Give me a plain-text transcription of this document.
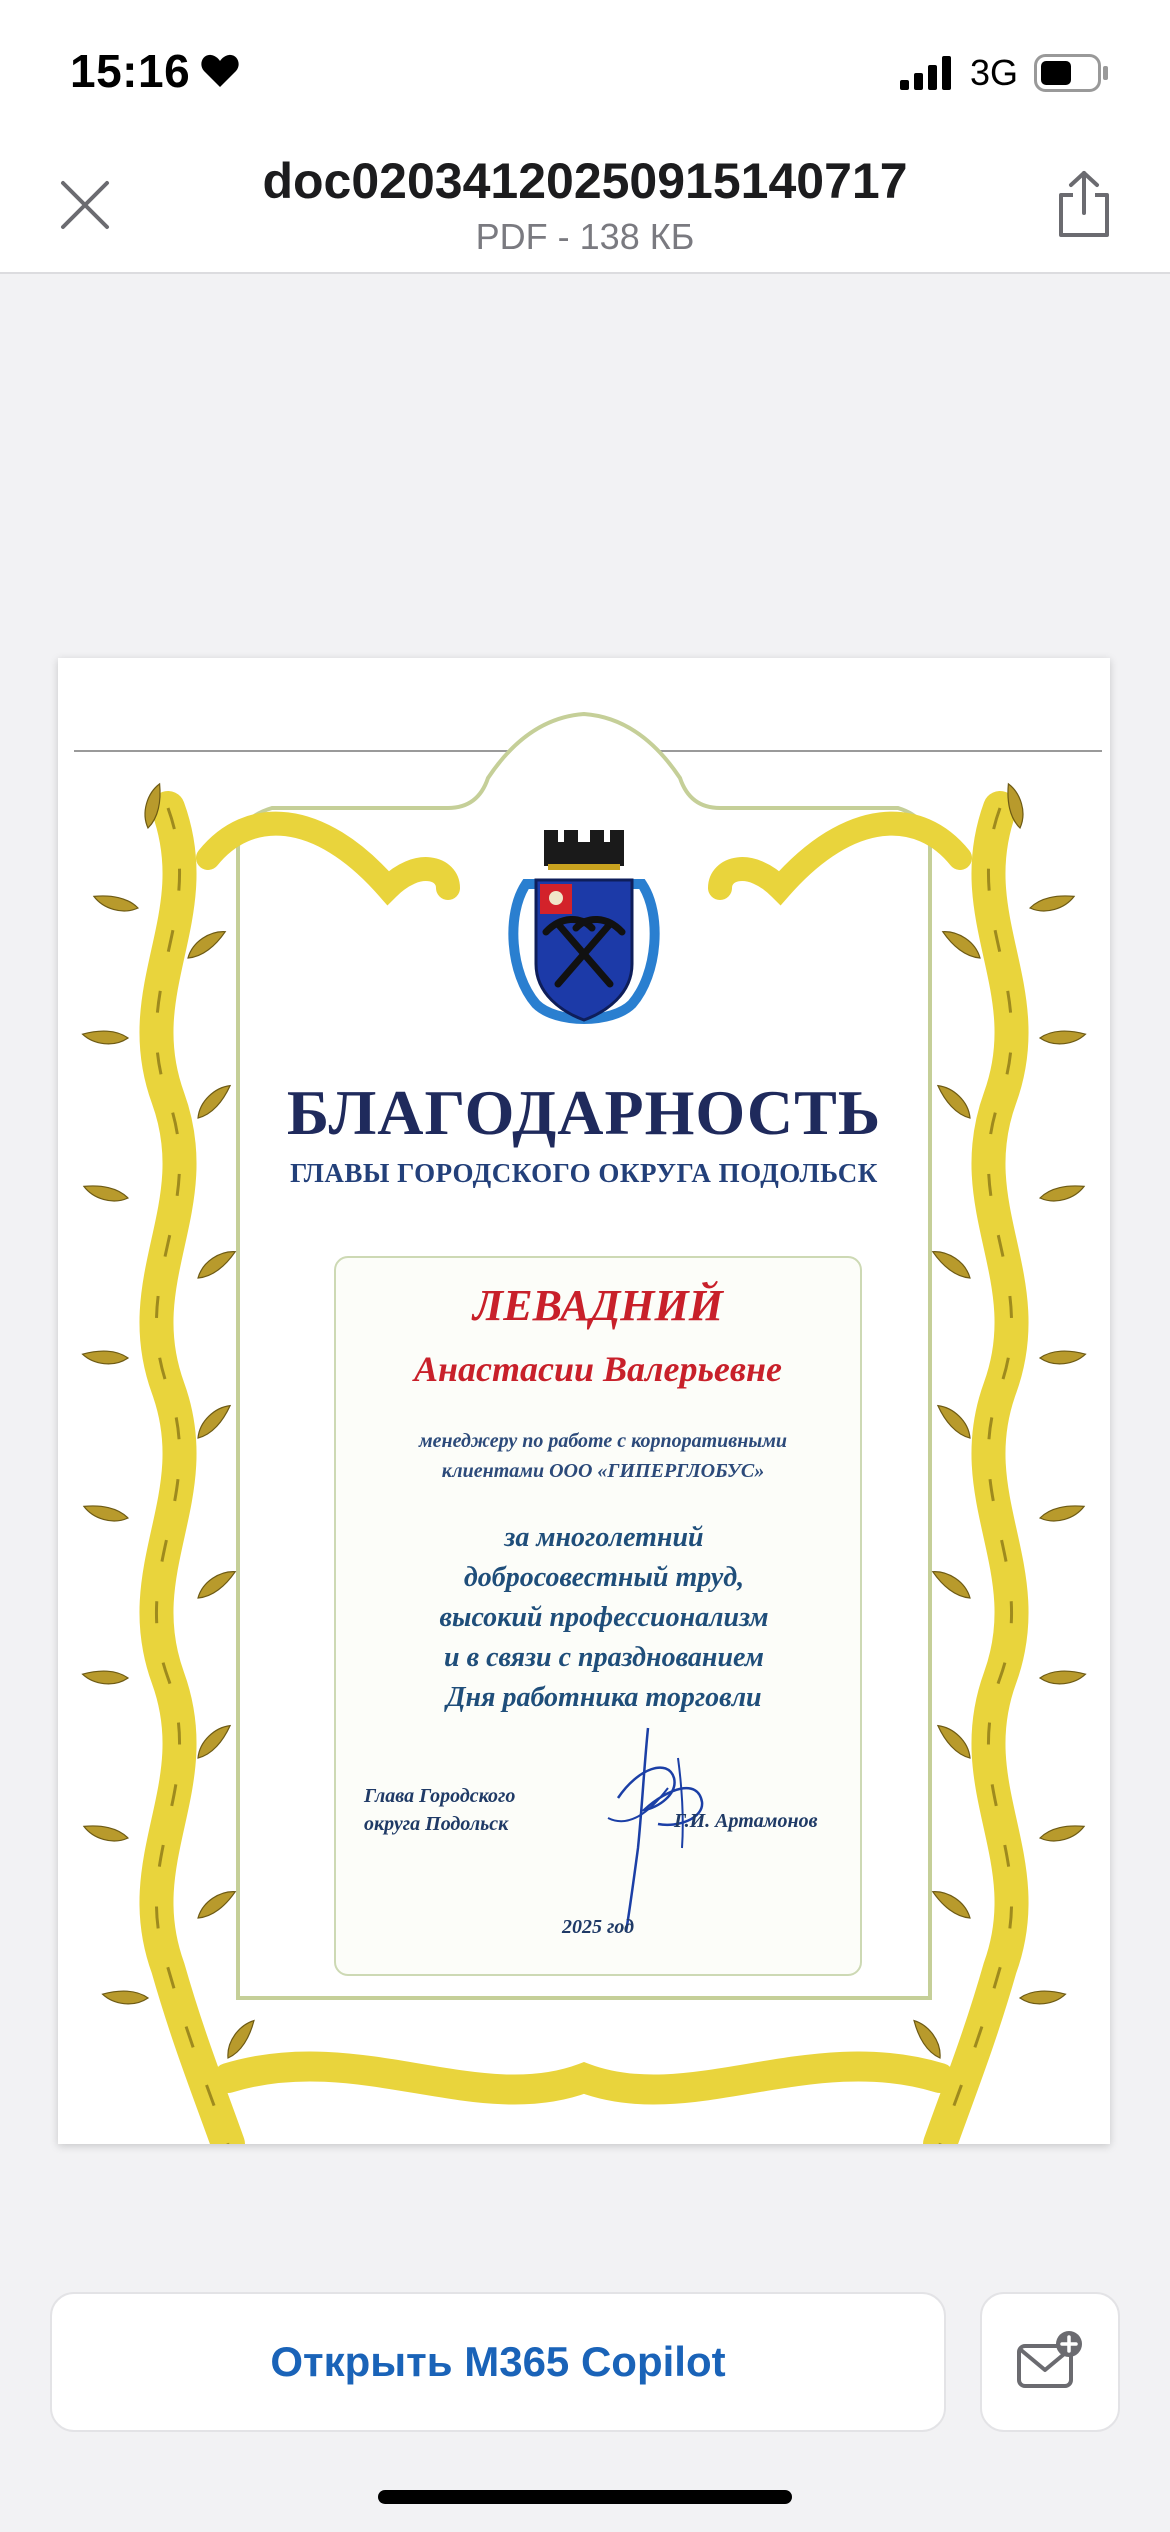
15:16	3G
doc02034120250915140717
PDF - 138 КБ
БЛАГОДАРНОСТЬ
ГЛАВЫ ГОРОДСКОГО ОКРУГА ПОДОЛЬСК
ЛЕВАДНИЙ
Анастасии Валерьевне
менеджеру по работе с корпоративными
клиентами ООО «ГИПЕРГЛОБУС»
за многолетний
добросовестный труд,
высокий профессионализм
и в связи с празднованием
Дня работника торговли
Глава Городского
округа Подольск	Г.И. Артамонов
2025 год
Открыть M365 Copilot
